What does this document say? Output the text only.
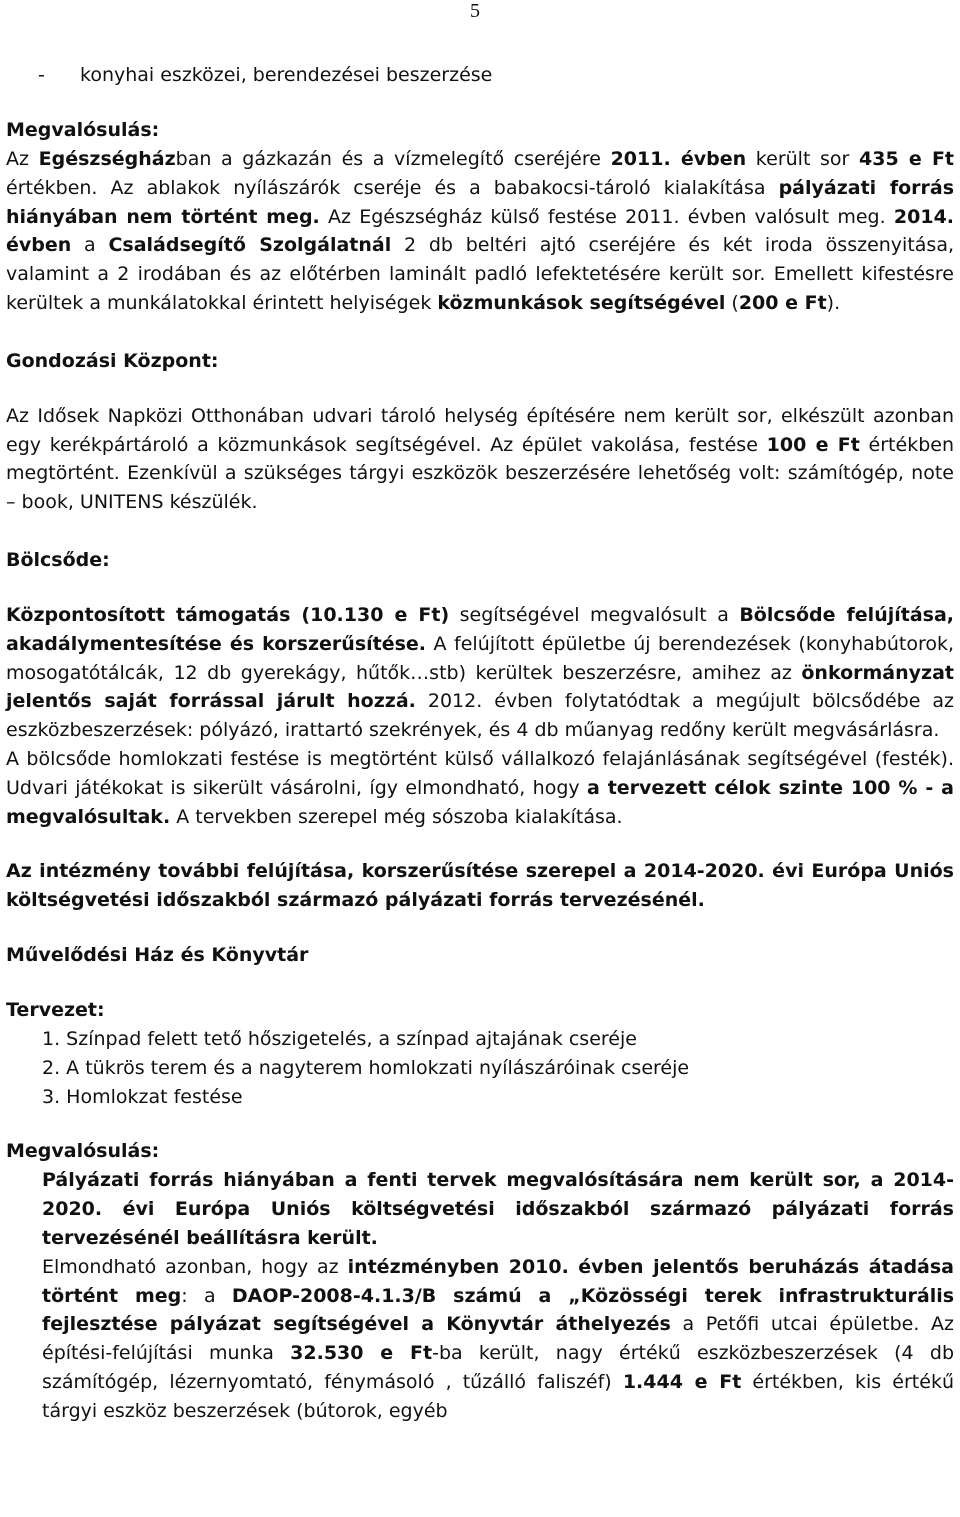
5

- konyhai eszközei, berendezései beszerzése

Megvalósulás:

Az Egészségházban a gázkazán és a vízmelegítő cseréjére 2011. évben került sor 435 e Ft értékben. Az ablakok nyílászárók cseréje és a babakocsi-tároló kialakítása pályázati forrás hiányában nem történt meg. Az Egészségház külső festése 2011. évben valósult meg. 2014. évben a Családsegítő Szolgálatnál 2 db beltéri ajtó cseréjére és két iroda összenyitása, valamint a 2 irodában és az előtérben laminált padló lefektetésére került sor. Emellett kifestésre kerültek a munkálatokkal érintett helyiségek közmunkások segítségével (200 e Ft).

Gondozási Központ:

Az Idősek Napközi Otthonában udvari tároló helység építésére nem került sor, elkészült azonban egy kerékpártároló a közmunkások segítségével. Az épület vakolása, festése 100 e Ft értékben megtörtént. Ezenkívül a szükséges tárgyi eszközök beszerzésére lehetőség volt: számítógép, note – book, UNITENS készülék.

Bölcsőde:

Központosított támogatás (10.130 e Ft) segítségével megvalósult a Bölcsőde felújítása, akadálymentesítése és korszerűsítése. A felújított épületbe új berendezések (konyhabútorok, mosogatótálcák, 12 db gyerekágy, hűtők…stb) kerültek beszerzésre, amihez az önkormányzat jelentős saját forrással járult hozzá. 2012. évben folytatódtak a megújult bölcsődébe az eszközbeszerzések: pólyázó, irattartó szekrények, és 4 db műanyag redőny került megvásárlásra.

A bölcsőde homlokzati festése is megtörtént külső vállalkozó felajánlásának segítségével (festék). Udvari játékokat is sikerült vásárolni, így elmondható, hogy a tervezett célok szinte 100 % - a megvalósultak. A tervekben szerepel még sószoba kialakítása.

Az intézmény további felújítása, korszerűsítése szerepel a 2014-2020. évi Európa Uniós költségvetési időszakból származó pályázati forrás tervezésénél.

Művelődési Ház és Könyvtár

Tervezet:

1. Színpad felett tető hőszigetelés, a színpad ajtajának cseréje

2. A tükrös terem és a nagyterem homlokzati nyílászáróinak cseréje

3. Homlokzat festése

Megvalósulás:

Pályázati forrás hiányában a fenti tervek megvalósítására nem került sor, a 2014-2020. évi Európa Uniós költségvetési időszakból származó pályázati forrás tervezésénél beállításra került.

Elmondható azonban, hogy az intézményben 2010. évben jelentős beruházás átadása történt meg: a DAOP-2008-4.1.3/B számú a „Közösségi terek infrastrukturális fejlesztése pályázat segítségével a Könyvtár áthelyezés a Petőfi utcai épületbe. Az építési-felújítási munka 32.530 e Ft-ba került, nagy értékű eszközbeszerzések (4 db számítógép, lézernyomtató, fénymásoló , tűzálló faliszéf) 1.444 e Ft értékben, kis értékű tárgyi eszköz beszerzések (bútorok, egyéb
